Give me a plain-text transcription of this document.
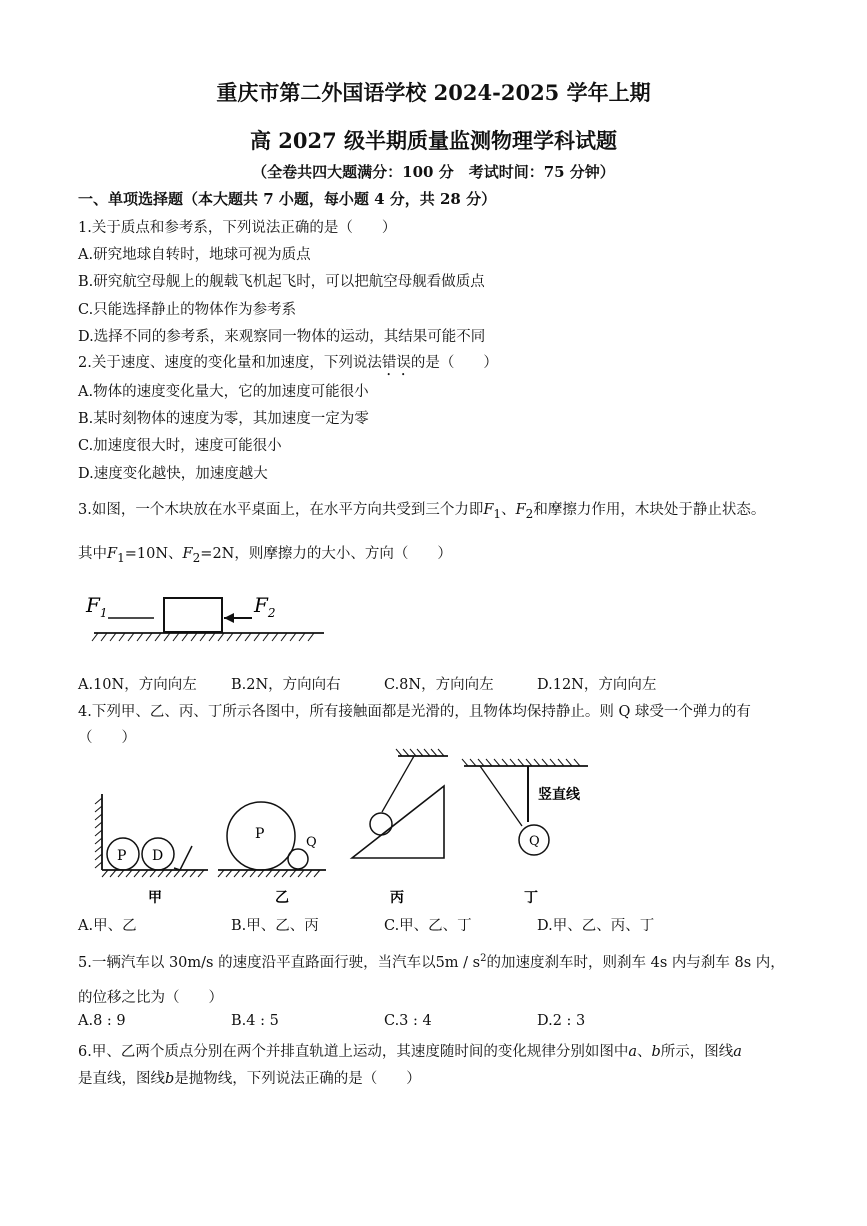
重庆市第二外国语学校 2024-2025 学年上期
高 2027 级半期质量监测物理学科试题
（全卷共四大题满分：100 分　考试时间：75 分钟）
一、单项选择题（本大题共 7 小题，每小题 4 分，共 28 分）
1.关于质点和参考系，下列说法正确的是（　　）
A.研究地球自转时，地球可视为质点
B.研究航空母舰上的舰载飞机起飞时，可以把航空母舰看做质点
C.只能选择静止的物体作为参考系
D.选择不同的参考系，来观察同一物体的运动，其结果可能不同
2.关于速度、速度的变化量和加速度，下列说法错误的是（　　）
A.物体的速度变化量大，它的加速度可能很小
B.某时刻物体的速度为零，其加速度一定为零
C.加速度很大时，速度可能很小
D.速度变化越快，加速度越大
3.如图，一个木块放在水平桌面上，在水平方向共受到三个力即$F_1$、$F_2$和摩擦力作用，木块处于静止状态。
其中$F_1=10N$、$F_2=2N$，则摩擦力的大小、方向（　　）
$F_1$	$F_2$
A.10N，方向向左 B.2N，方向向右	C.8N，方向向左	D.12N，方向向左
4.下列甲、乙、丙、丁所示各图中，所有接触面都是光滑的，且物体均保持静止。则 Q 球受一个弹力的有
（　　）
P D
甲
P
Q
乙	丙
Q
竖直线
丁
A.甲、乙	B.甲、乙、丙	C.甲、乙、丁	D.甲、乙、丙、丁
5.一辆汽车以 30m/s 的速度沿平直路面行驶，当汽车以$5m / s^2$的加速度刹车时，则刹车 4s 内与刹车 8s 内，
的位移之比为（　　）
A.8 : 9	B.4 : 5	C.3 : 4	D.2 : 3
6.甲、乙两个质点分别在两个并排直轨道上运动，其速度随时间的变化规律分别如图中a、b所示，图线a
是直线，图线b是抛物线，下列说法正确的是（　　）
